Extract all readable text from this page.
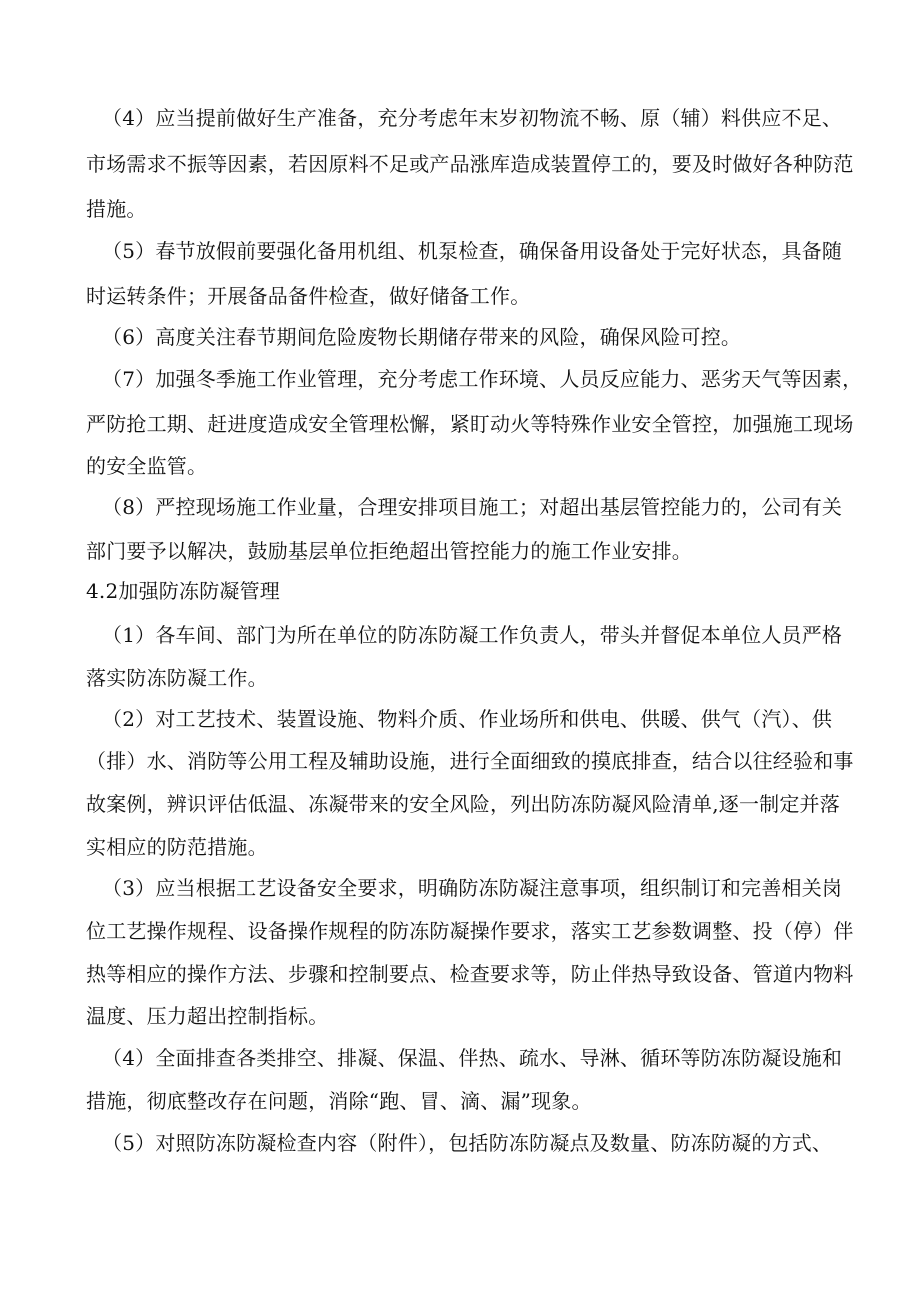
（4）应当提前做好生产准备，充分考虑年末岁初物流不畅、原（辅）料供应不足、
市场需求不振等因素，若因原料不足或产品涨库造成装置停工的，要及时做好各种防范
措施。
（5）春节放假前要强化备用机组、机泵检查，确保备用设备处于完好状态，具备随
时运转条件；开展备品备件检查，做好储备工作。
（6）高度关注春节期间危险废物长期储存带来的风险，确保风险可控。
（7）加强冬季施工作业管理，充分考虑工作环境、人员反应能力、恶劣天气等因素，
严防抢工期、赶进度造成安全管理松懈，紧盯动火等特殊作业安全管控，加强施工现场
的安全监管。
（8）严控现场施工作业量，合理安排项目施工；对超出基层管控能力的，公司有关
部门要予以解决，鼓励基层单位拒绝超出管控能力的施工作业安排。
4.2加强防冻防凝管理
（1）各车间、部门为所在单位的防冻防凝工作负责人，带头并督促本单位人员严格
落实防冻防凝工作。
（2）对工艺技术、装置设施、物料介质、作业场所和供电、供暖、供气（汽）、供
（排）水、消防等公用工程及辅助设施，进行全面细致的摸底排查，结合以往经验和事
故案例，辨识评估低温、冻凝带来的安全风险，列出防冻防凝风险清单,逐一制定并落
实相应的防范措施。
（3）应当根据工艺设备安全要求，明确防冻防凝注意事项，组织制订和完善相关岗
位工艺操作规程、设备操作规程的防冻防凝操作要求，落实工艺参数调整、投（停）伴
热等相应的操作方法、步骤和控制要点、检查要求等，防止伴热导致设备、管道内物料
温度、压力超出控制指标。
（4）全面排查各类排空、排凝、保温、伴热、疏水、导淋、循环等防冻防凝设施和
措施，彻底整改存在问题，消除“跑、冒、滴、漏”现象。
（5）对照防冻防凝检查内容（附件），包括防冻防凝点及数量、防冻防凝的方式、
